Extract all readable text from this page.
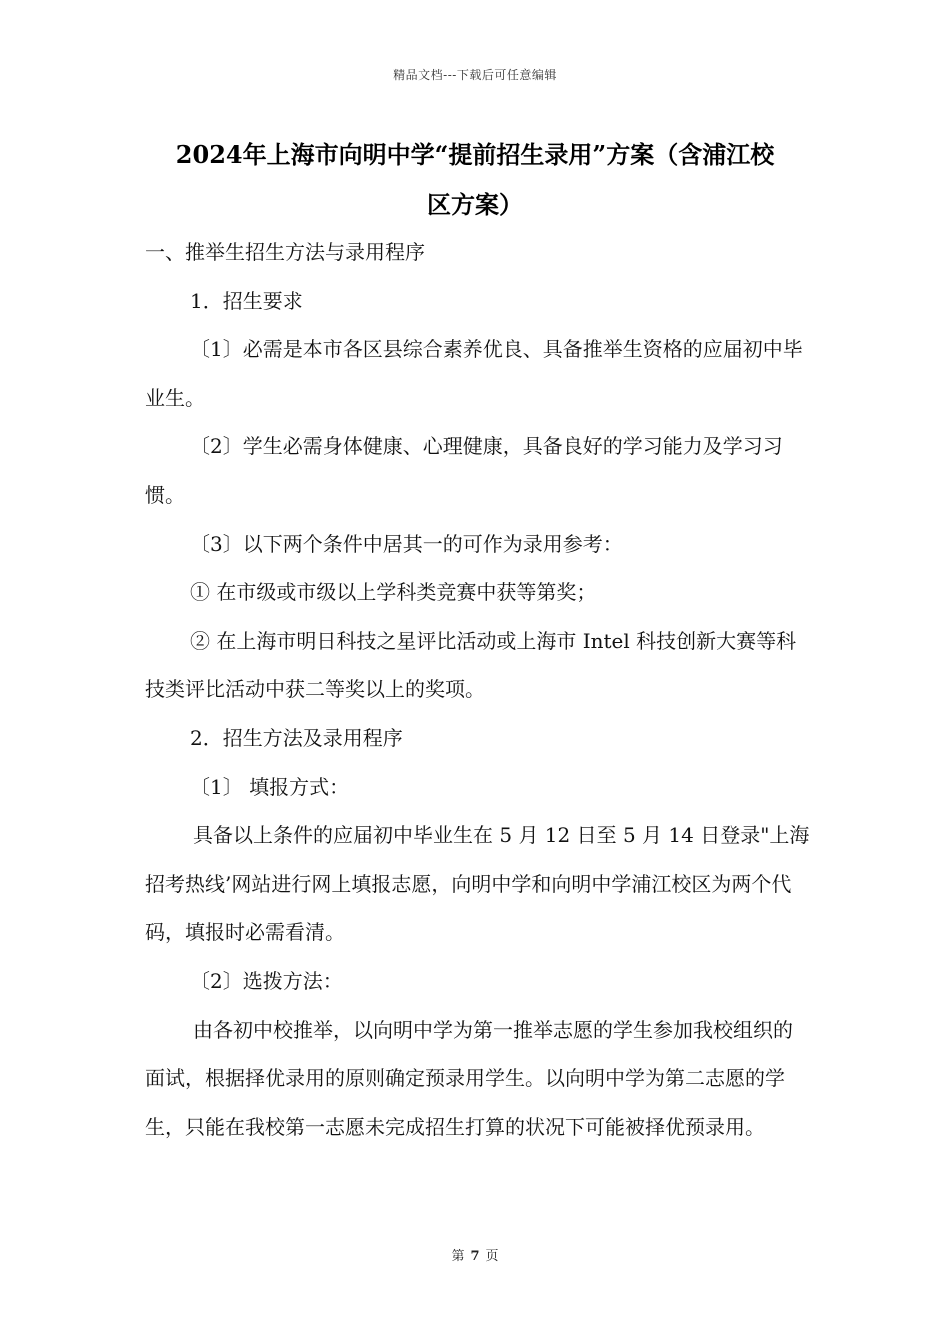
精品文档---下载后可任意编辑
2024年上海市向明中学“提前招生录用”方案（含浦江校
区方案）

一、推举生招生方法与录用程序

1．招生要求

〔1〕必需是本市各区县综合素养优良、具备推举生资格的应届初中毕业生。

〔2〕学生必需身体健康、心理健康，具备良好的学习能力及学习习惯。

〔3〕以下两个条件中居其一的可作为录用参考：

① 在市级或市级以上学科类竞赛中获等第奖；

② 在上海市明日科技之星评比活动或上海市 Intel 科技创新大赛等科技类评比活动中获二等奖以上的奖项。

2．招生方法及录用程序

〔1〕 填报方式：

具备以上条件的应届初中毕业生在 5 月 12 日至 5 月 14 日登录"上海招考热线’网站进行网上填报志愿，向明中学和向明中学浦江校区为两个代码，填报时必需看清。

〔2〕选拨方法：

由各初中校推举，以向明中学为第一推举志愿的学生参加我校组织的面试，根据择优录用的原则确定预录用学生。以向明中学为第二志愿的学生，只能在我校第一志愿未完成招生打算的状况下可能被择优预录用。

第 7 页
